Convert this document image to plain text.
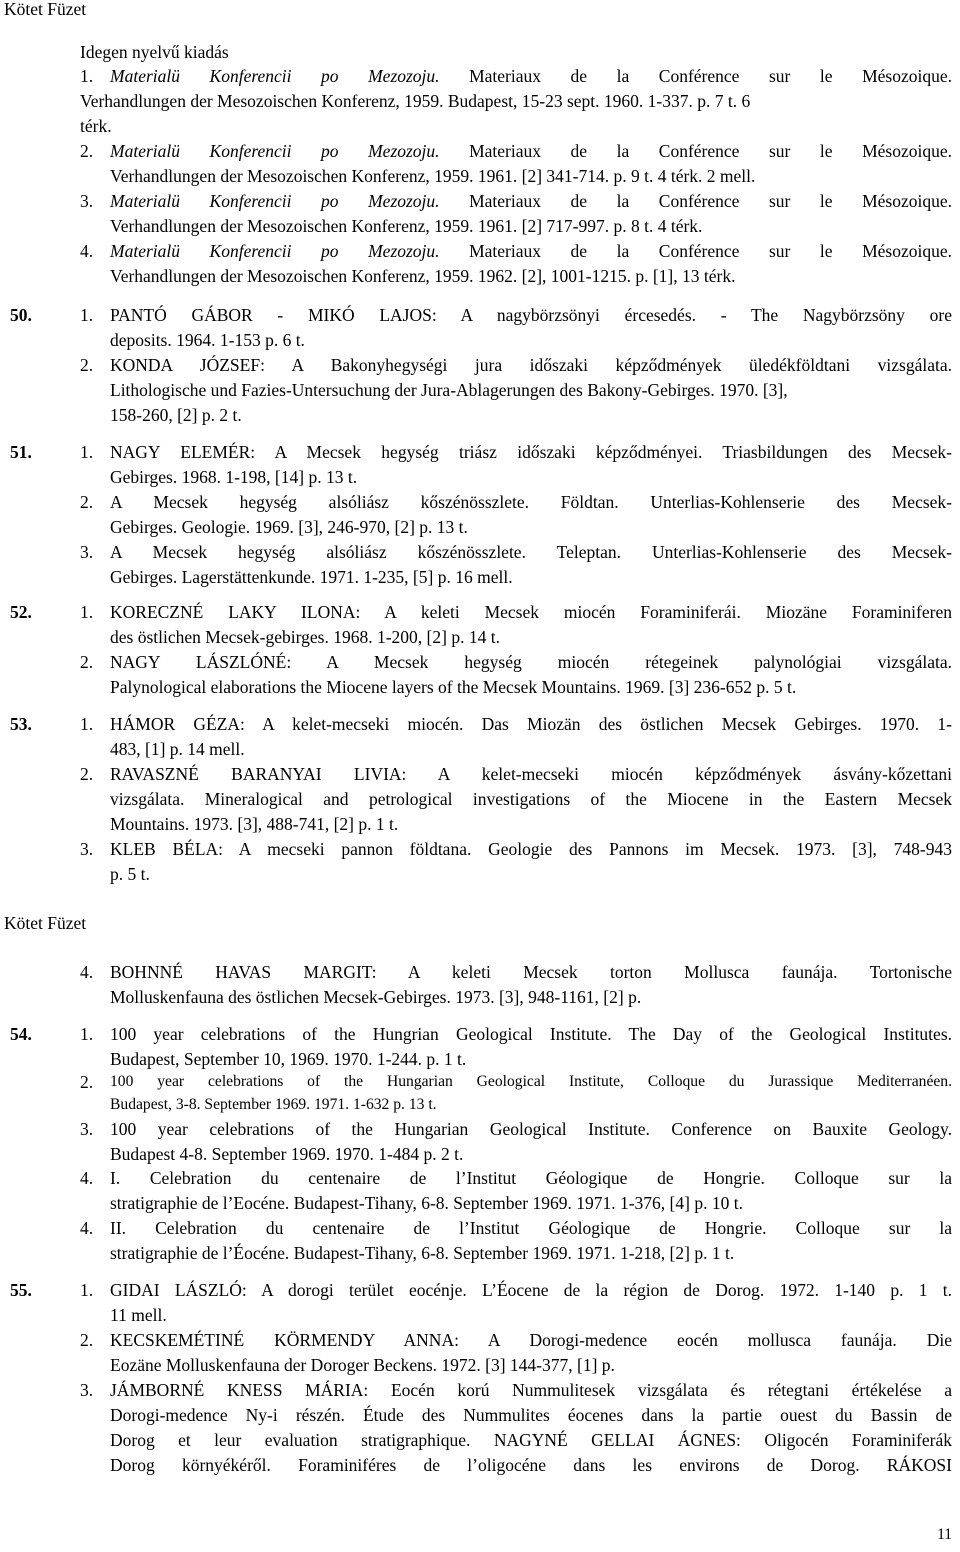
Kötet Füzet
Idegen nyelvű kiadás
1. Materialü Konferencii po Mezozoju. Materiaux de la Conférence sur le Mésozoique.
Verhandlungen der Mesozoischen Konferenz, 1959. Budapest, 15-23 sept. 1960. 1-337. p. 7 t. 6
térk.
2. Materialü Konferencii po Mezozoju. Materiaux de la Conférence sur le Mésozoique.
Verhandlungen der Mesozoischen Konferenz, 1959. 1961. [2] 341-714. p. 9 t. 4 térk. 2 mell.
3. Materialü Konferencii po Mezozoju. Materiaux de la Conférence sur le Mésozoique.
Verhandlungen der Mesozoischen Konferenz, 1959. 1961. [2] 717-997. p. 8 t. 4 térk.
4. Materialü Konferencii po Mezozoju. Materiaux de la Conférence sur le Mésozoique.
Verhandlungen der Mesozoischen Konferenz, 1959. 1962. [2], 1001-1215. p. [1], 13 térk.
50.	1. PANTÓ GÁBOR - MIKÓ LAJOS: A nagybörzsönyi ércesedés. - The Nagybörzsöny ore
deposits. 1964. 1-153 p. 6 t.
2. KONDA JÓZSEF: A Bakonyhegységi jura időszaki képződmények üledékföldtani vizsgálata.
Lithologische und Fazies-Untersuchung der Jura-Ablagerungen des Bakony-Gebirges. 1970. [3],
158-260, [2] p. 2 t.
51.	1. NAGY ELEMÉR: A Mecsek hegység triász időszaki képződményei. Triasbildungen des Mecsek-
Gebirges. 1968. 1-198, [14] p. 13 t.
2. A Mecsek hegység alsóliász kőszénösszlete. Földtan. Unterlias-Kohlenserie des Mecsek-
Gebirges. Geologie. 1969. [3], 246-970, [2] p. 13 t.
3. A Mecsek hegység alsóliász kőszénösszlete. Teleptan. Unterlias-Kohlenserie des Mecsek-
Gebirges. Lagerstättenkunde. 1971. 1-235, [5] p. 16 mell.
52.	1. KORECZNÉ LAKY ILONA: A keleti Mecsek miocén Foraminiferái. Miozäne Foraminiferen
des östlichen Mecsek-gebirges. 1968. 1-200, [2] p. 14 t.
2. NAGY LÁSZLÓNÉ: A Mecsek hegység miocén rétegeinek palynológiai vizsgálata.
Palynological elaborations the Miocene layers of the Mecsek Mountains. 1969. [3] 236-652 p. 5 t.
53.	1. HÁMOR GÉZA: A kelet-mecseki miocén. Das Miozän des östlichen Mecsek Gebirges. 1970. 1-
483, [1] p. 14 mell.
2. RAVASZNÉ BARANYAI LIVIA: A kelet-mecseki miocén képződmények ásvány-kőzettani
vizsgálata. Mineralogical and petrological investigations of the Miocene in the Eastern Mecsek
Mountains. 1973. [3], 488-741, [2] p. 1 t.
3. KLEB BÉLA: A mecseki pannon földtana. Geologie des Pannons im Mecsek. 1973. [3], 748-943
p. 5 t.
Kötet Füzet
4. BOHNNÉ HAVAS MARGIT: A keleti Mecsek torton Mollusca faunája. Tortonische
Molluskenfauna des östlichen Mecsek-Gebirges. 1973. [3], 948-1161, [2] p.
54.	1. 100 year celebrations of the Hungrian Geological Institute. The Day of the Geological Institutes.
Budapest, September 10, 1969. 1970. 1-244. p. 1 t.
2. 100 year celebrations of the Hungarian Geological Institute, Colloque du Jurassique Mediterranéen.
Budapest, 3-8. September 1969. 1971. 1-632 p. 13 t.
3. 100 year celebrations of the Hungarian Geological Institute. Conference on Bauxite Geology.
Budapest 4-8. September 1969. 1970. 1-484 p. 2 t.
4. I. Celebration du centenaire de l’Institut Géologique de Hongrie. Colloque sur la
stratigraphie de l’Eocéne. Budapest-Tihany, 6-8. September 1969. 1971. 1-376, [4] p. 10 t.
4. II. Celebration du centenaire de l’Institut Géologique de Hongrie. Colloque sur la
stratigraphie de l’Éocéne. Budapest-Tihany, 6-8. September 1969. 1971. 1-218, [2] p. 1 t.
55.	1. GIDAI LÁSZLÓ: A dorogi terület eocénje. L’Éocene de la région de Dorog. 1972. 1-140 p. 1 t.
11 mell.
2. KECSKEMÉTINÉ KÖRMENDY ANNA: A Dorogi-medence eocén mollusca faunája. Die
Eozäne Molluskenfauna der Doroger Beckens. 1972. [3] 144-377, [1] p.
3. JÁMBORNÉ KNESS MÁRIA: Eocén korú Nummulitesek vizsgálata és rétegtani értékelése a
Dorogi-medence Ny-i részén. Étude des Nummulites éocenes dans la partie ouest du Bassin de
Dorog et leur evaluation stratigraphique. NAGYNÉ GELLAI ÁGNES: Oligocén Foraminiferák
Dorog környékéről. Foraminiféres de l’oligocéne dans les environs de Dorog. RÁKOSI
11
